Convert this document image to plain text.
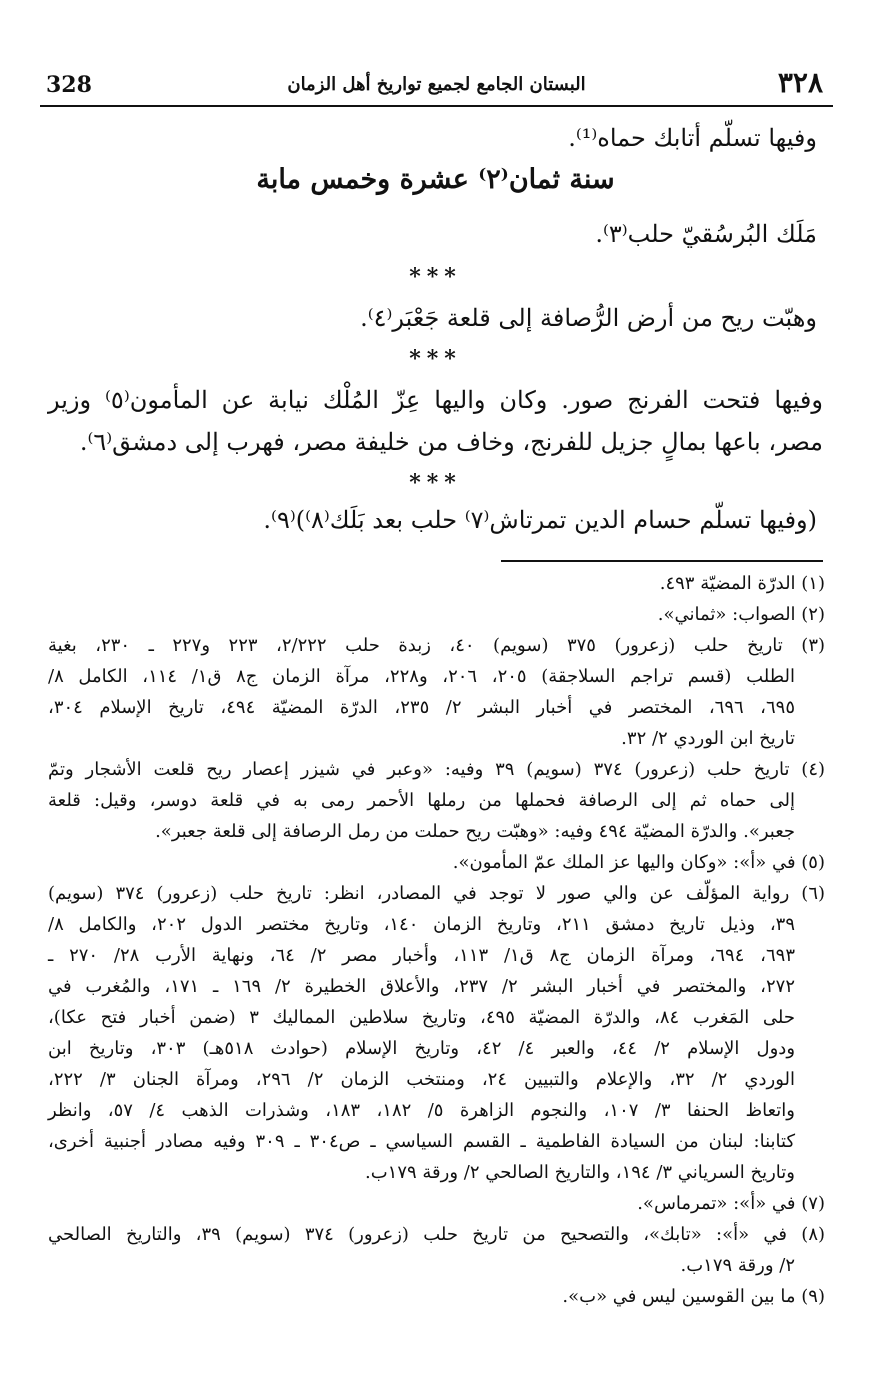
328	البستان الجامع لجميع تواريخ أهل الزمان	٣٢٨
وفيها تسلّم أتابك حماه⁽¹⁾.
سنة ثمان⁽٢⁾ عشرة وخمس مابة
مَلَك البُرسُقيّ حلب⁽٣⁾.
***
وهبّت ريح من أرض الرُّصافة إلى قلعة جَعْبَر⁽٤⁾.
***
وفيها فتحت الفرنج صور. وكان واليها عِزّ المُلْك نيابة عن المأمون⁽٥⁾ وزير
مصر، باعها بمالٍ جزيل للفرنج، وخاف من خليفة مصر، فهرب إلى دمشق⁽٦⁾.
***
(وفيها تسلّم حسام الدين تمرتاش⁽٧⁾ حلب بعد بَلَك⁽٨⁾)⁽٩⁾.
(١) الدرّة المضيّة ٤٩٣.
(٢) الصواب: «ثماني».
(٣) تاريخ حلب (زعرور) ٣٧٥ (سويم) ٤٠، زبدة حلب ٢/٢٢٢، ٢٢٣ و٢٢٧ ـ ٢٣٠، بغية
الطلب (قسم تراجم السلاجقة) ٢٠٥، ٢٠٦، و٢٢٨، مرآة الزمان ج٨ ق١/ ١١٤، الكامل ٨/
٦٩٥، ٦٩٦، المختصر في أخبار البشر ٢/ ٢٣٥، الدرّة المضيّة ٤٩٤، تاريخ الإسلام ٣٠٤،
تاريخ ابن الوردي ٢/ ٣٢.
(٤) تاريخ حلب (زعرور) ٣٧٤ (سويم) ٣٩ وفيه: «وعبر في شيزر إعصار ريح قلعت الأشجار وتمّ
إلى حماه ثم إلى الرصافة فحملها من رملها الأحمر رمى به في قلعة دوسر، وقيل: قلعة
جعبر». والدرّة المضيّة ٤٩٤ وفيه: «وهبّت ريح حملت من رمل الرصافة إلى قلعة جعبر».
(٥) في «أ»: «وكان واليها عز الملك عمّ المأمون».
(٦) رواية المؤلّف عن والي صور لا توجد في المصادر، انظر: تاريخ حلب (زعرور) ٣٧٤ (سويم)
٣٩، وذيل تاريخ دمشق ٢١١، وتاريخ الزمان ١٤٠، وتاريخ مختصر الدول ٢٠٢، والكامل ٨/
٦٩٣، ٦٩٤، ومرآة الزمان ج٨ ق١/ ١١٣، وأخبار مصر ٢/ ٦٤، ونهاية الأرب ٢٨/ ٢٧٠ ـ
٢٧٢، والمختصر في أخبار البشر ٢/ ٢٣٧، والأعلاق الخطيرة ٢/ ١٦٩ ـ ١٧١، والمُغرب في
حلى المَغرب ٨٤، والدرّة المضيّة ٤٩٥، وتاريخ سلاطين المماليك ٣ (ضمن أخبار فتح عكا)،
ودول الإسلام ٢/ ٤٤، والعبر ٤/ ٤٢، وتاريخ الإسلام (حوادث ٥١٨هـ) ٣٠٣، وتاريخ ابن
الوردي ٢/ ٣٢، والإعلام والتبيين ٢٤، ومنتخب الزمان ٢/ ٢٩٦، ومرآة الجنان ٣/ ٢٢٢،
واتعاظ الحنفا ٣/ ١٠٧، والنجوم الزاهرة ٥/ ١٨٢، ١٨٣، وشذرات الذهب ٤/ ٥٧، وانظر
كتابنا: لبنان من السيادة الفاطمية ـ القسم السياسي ـ ص٣٠٤ ـ ٣٠٩ وفيه مصادر أجنبية أخرى،
وتاريخ السرياني ٣/ ١٩٤، والتاريخ الصالحي ٢/ ورقة ١٧٩ب.
(٧) في «أ»: «تمرماس».
(٨) في «أ»: «تابك»، والتصحيح من تاريخ حلب (زعرور) ٣٧٤ (سويم) ٣٩، والتاريخ الصالحي
٢/ ورقة ١٧٩ب.
(٩) ما بين القوسين ليس في «ب».
